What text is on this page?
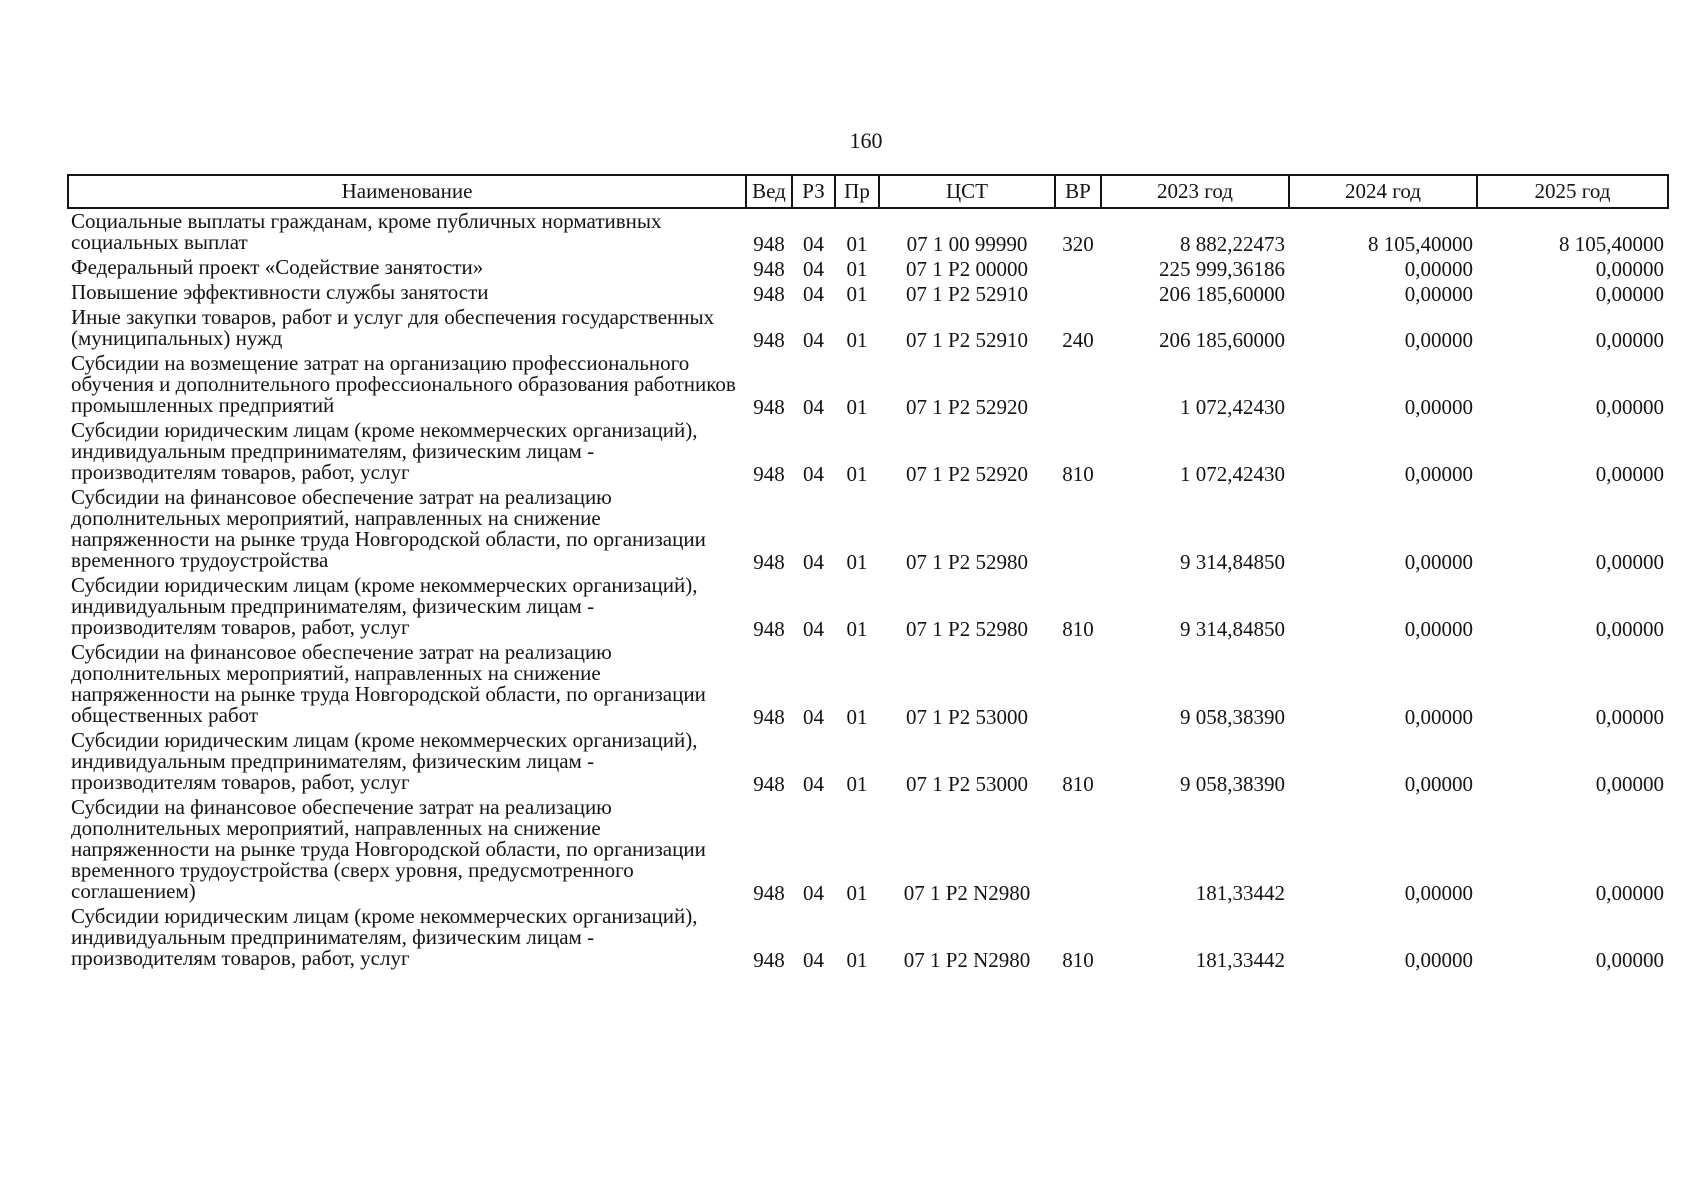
160
Наименование	Вед	РЗ	Пр	ЦСТ	ВР	2023 год	2024 год	2025 год
Социальные выплаты гражданам, кроме публичных нормативных социальных выплат	948	04	01	07 1 00 99990	320	8 882,22473	8 105,40000	8 105,40000
Федеральный проект «Содействие занятости»	948	04	01	07 1 Р2 00000		225 999,36186	0,00000	0,00000
Повышение эффективности службы занятости	948	04	01	07 1 Р2 52910		206 185,60000	0,00000	0,00000
Иные закупки товаров, работ и услуг для обеспечения государственных (муниципальных) нужд	948	04	01	07 1 Р2 52910	240	206 185,60000	0,00000	0,00000
Субсидии на возмещение затрат на организацию профессионального обучения и дополнительного профессионального образования работников промышленных предприятий	948	04	01	07 1 Р2 52920		1 072,42430	0,00000	0,00000
Субсидии юридическим лицам (кроме некоммерческих организаций), индивидуальным предпринимателям, физическим лицам - производителям товаров, работ, услуг	948	04	01	07 1 Р2 52920	810	1 072,42430	0,00000	0,00000
Субсидии на финансовое обеспечение затрат на реализацию дополнительных мероприятий, направленных на снижение напряженности на рынке труда Новгородской области, по организации временного трудоустройства	948	04	01	07 1 Р2 52980		9 314,84850	0,00000	0,00000
Субсидии юридическим лицам (кроме некоммерческих организаций), индивидуальным предпринимателям, физическим лицам - производителям товаров, работ, услуг	948	04	01	07 1 Р2 52980	810	9 314,84850	0,00000	0,00000
Субсидии на финансовое обеспечение затрат на реализацию дополнительных мероприятий, направленных на снижение напряженности на рынке труда Новгородской области, по организации общественных работ	948	04	01	07 1 Р2 53000		9 058,38390	0,00000	0,00000
Субсидии юридическим лицам (кроме некоммерческих организаций), индивидуальным предпринимателям, физическим лицам - производителям товаров, работ, услуг	948	04	01	07 1 Р2 53000	810	9 058,38390	0,00000	0,00000
Субсидии на финансовое обеспечение затрат на реализацию дополнительных мероприятий, направленных на снижение напряженности на рынке труда Новгородской области, по организации временного трудоустройства (сверх уровня, предусмотренного соглашением)	948	04	01	07 1 Р2 N2980		181,33442	0,00000	0,00000
Субсидии юридическим лицам (кроме некоммерческих организаций), индивидуальным предпринимателям, физическим лицам - производителям товаров, работ, услуг	948	04	01	07 1 Р2 N2980	810	181,33442	0,00000	0,00000
